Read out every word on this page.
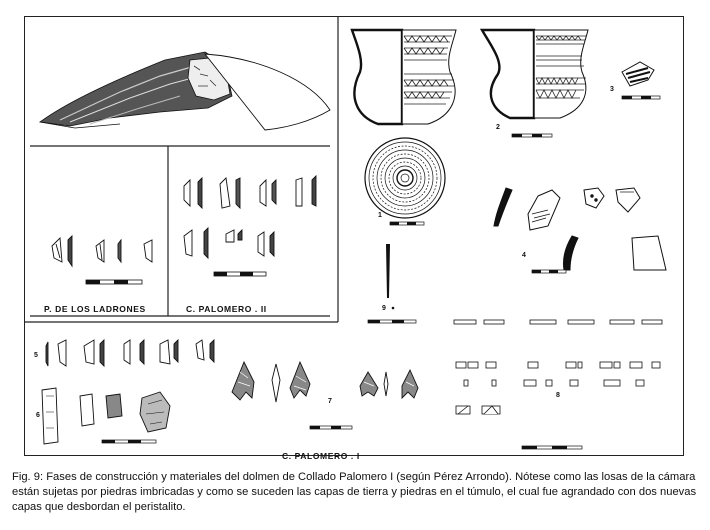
P. DE LOS LADRONES	C. PALOMERO . II
C. PALOMERO . I
1
2
3
4
5
6
7
8
9

Fig. 9: Fases de construcción y materiales del dolmen de Collado Palomero I (según Pérez Arrondo). Nótese como las losas de la cámara están sujetas por piedras imbricadas y como se suceden las capas de tierra y piedras en el túmulo, el cual fue agrandado con dos nuevas capas que desbordan el peristalito.
